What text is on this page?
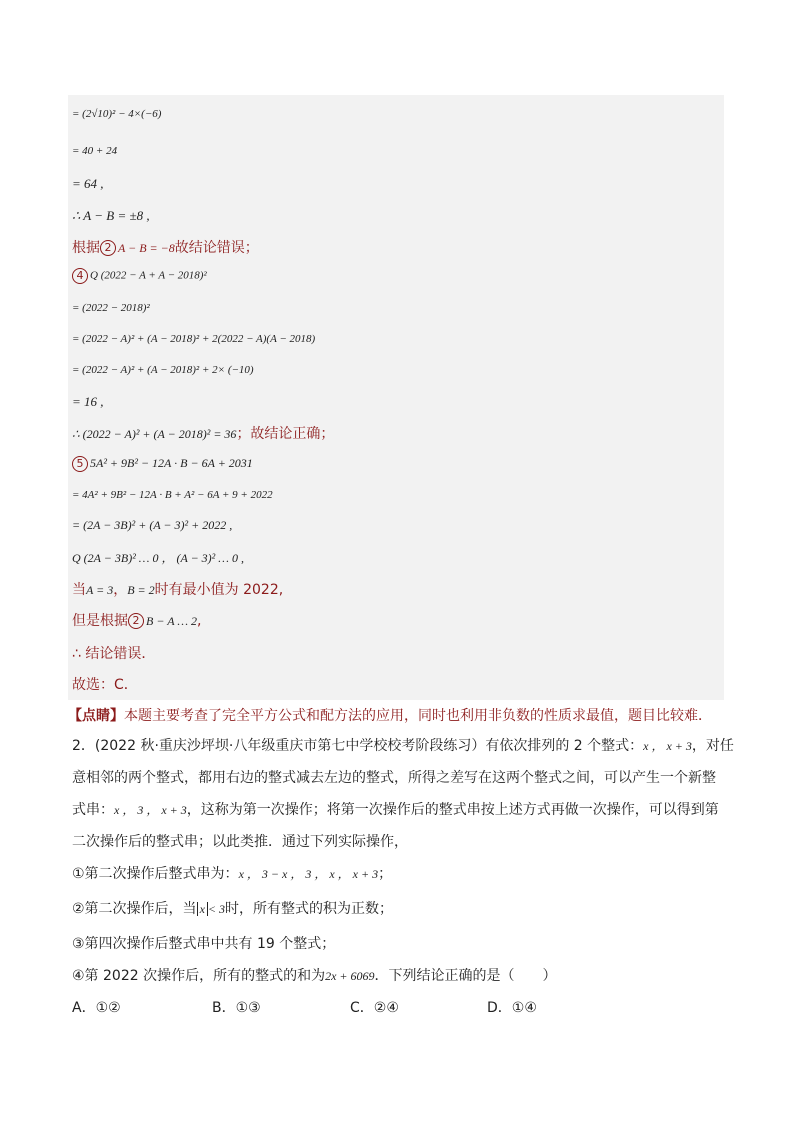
= (2√10)² − 4×(−6)
= 40 + 24
= 64 ,
∴ A − B = ±8 ,
根据 2 A − B = −8故结论错误；
4 Q (2022 − A + A − 2018)²
= (2022 − 2018)²
= (2022 − A)² + (A − 2018)² + 2(2022 − A)(A − 2018)
= (2022 − A)² + (A − 2018)² + 2× (−10)
= 16 ,
∴ (2022 − A)² + (A − 2018)² = 36；故结论正确；
5 5A² + 9B² − 12A · B − 6A + 2031
= 4A² + 9B² − 12A · B + A² − 6A + 9 + 2022
= (2A − 3B)² + (A − 3)² + 2022 ,
Q (2A − 3B)² … 0 ， (A − 3)² … 0 ,
当A = 3，B = 2时有最小值为 2022,
但是根据 2 B − A … 2,
∴ 结论错误．
故选：C．
【点睛】本题主要考查了完全平方公式和配方法的应用，同时也利用非负数的性质求最值，题目比较难．
2．(2022 秋·重庆沙坪坝·八年级重庆市第七中学校校考阶段练习）有依次排列的 2 个整式：x ， x + 3，对任
意相邻的两个整式，都用右边的整式减去左边的整式，所得之差写在这两个整式之间，可以产生一个新整
式串：x ， 3 ， x + 3，这称为第一次操作；将第一次操作后的整式串按上述方式再做一次操作，可以得到第
二次操作后的整式串；以此类推．通过下列实际操作，
①第二次操作后整式串为：x ， 3 − x ， 3 ， x ， x + 3；
②第二次操作后，当 x < 3时，所有整式的积为正数；
③第四次操作后整式串中共有 19 个整式；
④第 2022 次操作后，所有的整式的和为2x + 6069．下列结论正确的是（　　）
A．①②	B．①③	C．②④	D．①④
